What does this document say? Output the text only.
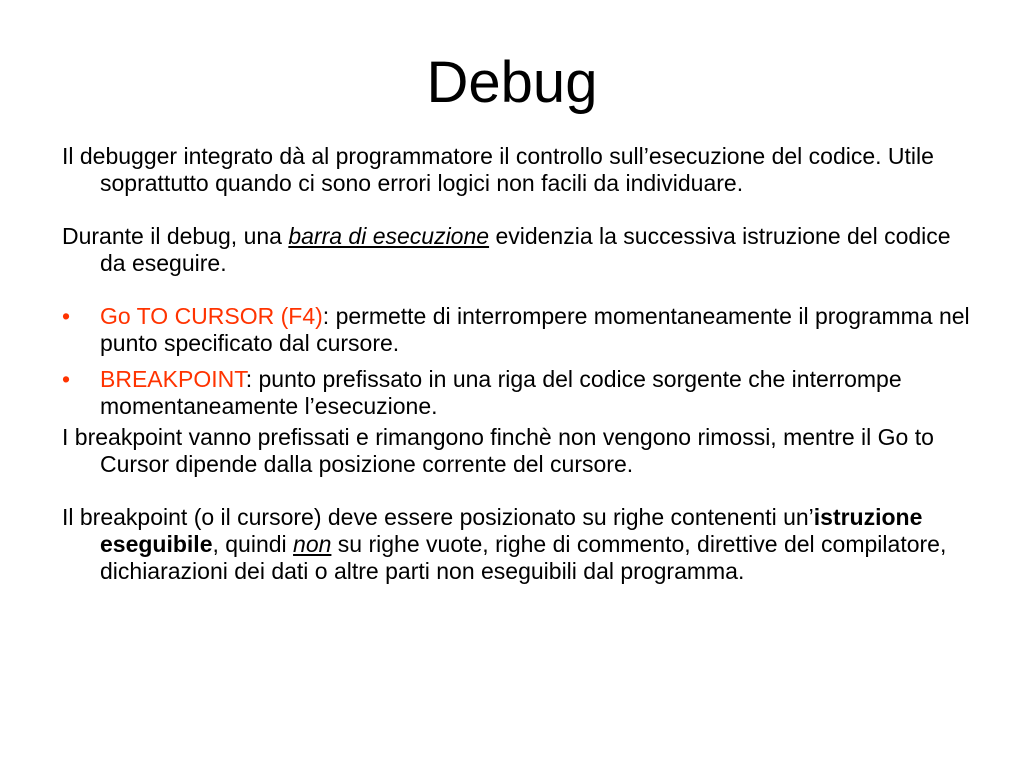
Debug

Il debugger integrato dà al programmatore il controllo sull’esecuzione del codice. Utile soprattutto quando ci sono errori logici non facili da individuare.

Durante il debug, una barra di esecuzione evidenzia la successiva istruzione del codice da eseguire.

• Go TO CURSOR (F4): permette di interrompere momentaneamente il programma nel punto specificato dal cursore.
• BREAKPOINT: punto prefissato in una riga del codice sorgente che interrompe momentaneamente l’esecuzione.

I breakpoint vanno prefissati e rimangono finchè non vengono rimossi, mentre il Go to Cursor dipende dalla posizione corrente del cursore.

Il breakpoint (o il cursore) deve essere posizionato su righe contenenti un’istruzione eseguibile, quindi non su righe vuote, righe di commento, direttive del compilatore, dichiarazioni dei dati o altre parti non eseguibili dal programma.
